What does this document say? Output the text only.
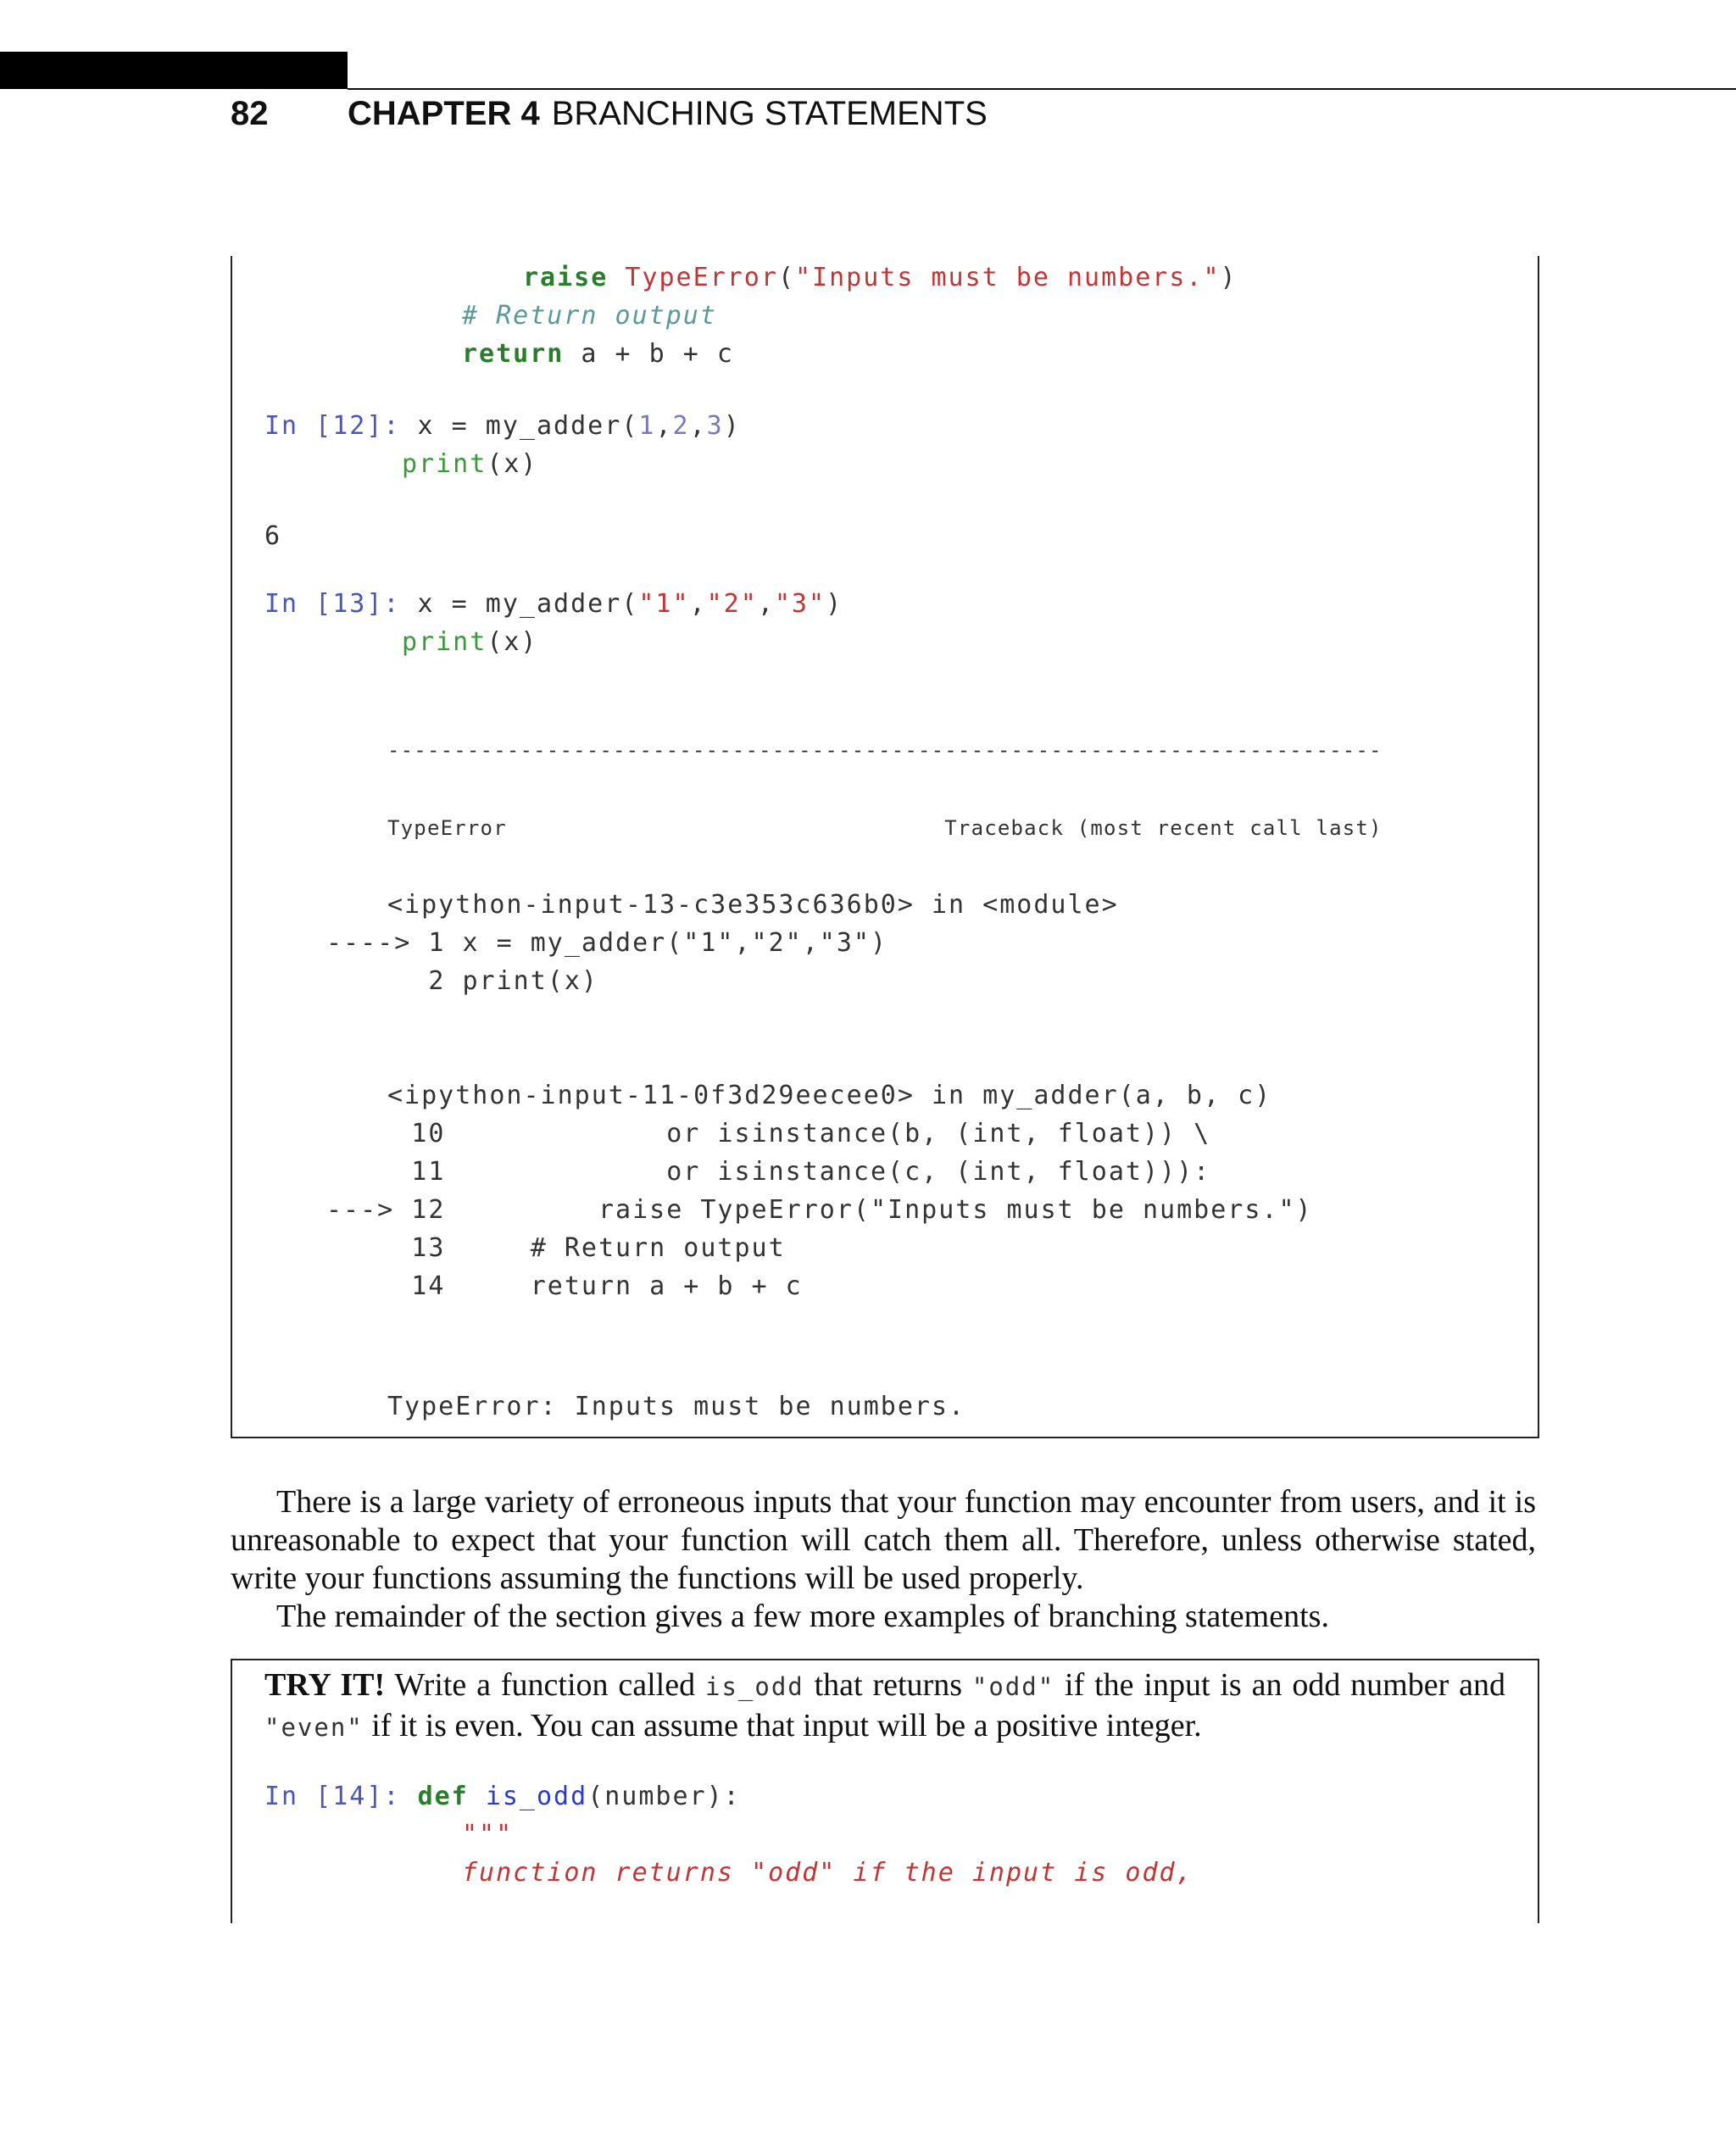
82 CHAPTER 4 BRANCHING STATEMENTS
raise TypeError("Inputs must be numbers.")
# Return output
return a + b + c
In [12]: x = my_adder(1,2,3)
print(x)
6
In [13]: x = my_adder("1","2","3")
print(x)
---------------------------------------------------------------------------
TypeError                                 Traceback (most recent call last)
<ipython-input-13-c3e353c636b0> in <module>
----> 1 x = my_adder("1","2","3")
2 print(x)
<ipython-input-11-0f3d29eecee0> in my_adder(a, b, c)
10             or isinstance(b, (int, float)) \
11             or isinstance(c, (int, float))):
---> 12         raise TypeError("Inputs must be numbers.")
13     # Return output
14     return a + b + c
TypeError: Inputs must be numbers.

There is a large variety of erroneous inputs that your function may encounter from users, and it is unreasonable to expect that your function will catch them all. Therefore, unless otherwise stated, write your functions assuming the functions will be used properly.

The remainder of the section gives a few more examples of branching statements.

TRY IT! Write a function called is_odd that returns "odd" if the input is an odd number and "even" if it is even. You can assume that input will be a positive integer.
In [14]: def is_odd(number):
"""
function returns "odd" if the input is odd,
